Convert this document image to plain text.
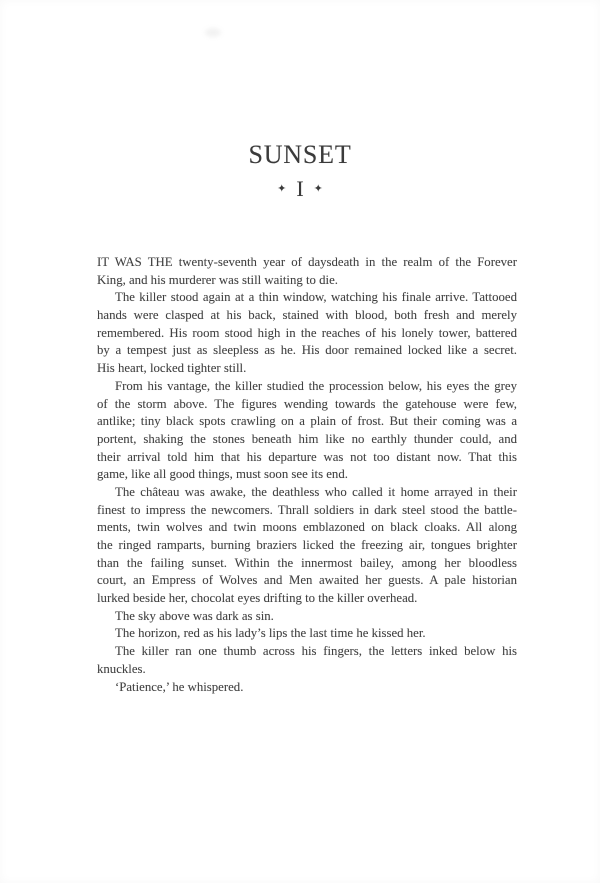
SUNSET
✦ I ✦
IT WAS THE twenty-seventh year of daysdeath in the realm of the Forever
King, and his murderer was still waiting to die.
The killer stood again at a thin window, watching his finale arrive. Tattooed
hands were clasped at his back, stained with blood, both fresh and merely
remembered. His room stood high in the reaches of his lonely tower, battered
by a tempest just as sleepless as he. His door remained locked like a secret.
His heart, locked tighter still.
From his vantage, the killer studied the procession below, his eyes the grey
of the storm above. The figures wending towards the gatehouse were few,
antlike; tiny black spots crawling on a plain of frost. But their coming was a
portent, shaking the stones beneath him like no earthly thunder could, and
their arrival told him that his departure was not too distant now. That this
game, like all good things, must soon see its end.
The château was awake, the deathless who called it home arrayed in their
finest to impress the newcomers. Thrall soldiers in dark steel stood the battle-
ments, twin wolves and twin moons emblazoned on black cloaks. All along
the ringed ramparts, burning braziers licked the freezing air, tongues brighter
than the failing sunset. Within the innermost bailey, among her bloodless
court, an Empress of Wolves and Men awaited her guests. A pale historian
lurked beside her, chocolat eyes drifting to the killer overhead.
The sky above was dark as sin.
The horizon, red as his lady’s lips the last time he kissed her.
The killer ran one thumb across his fingers, the letters inked below his
knuckles.
‘Patience,’ he whispered.
